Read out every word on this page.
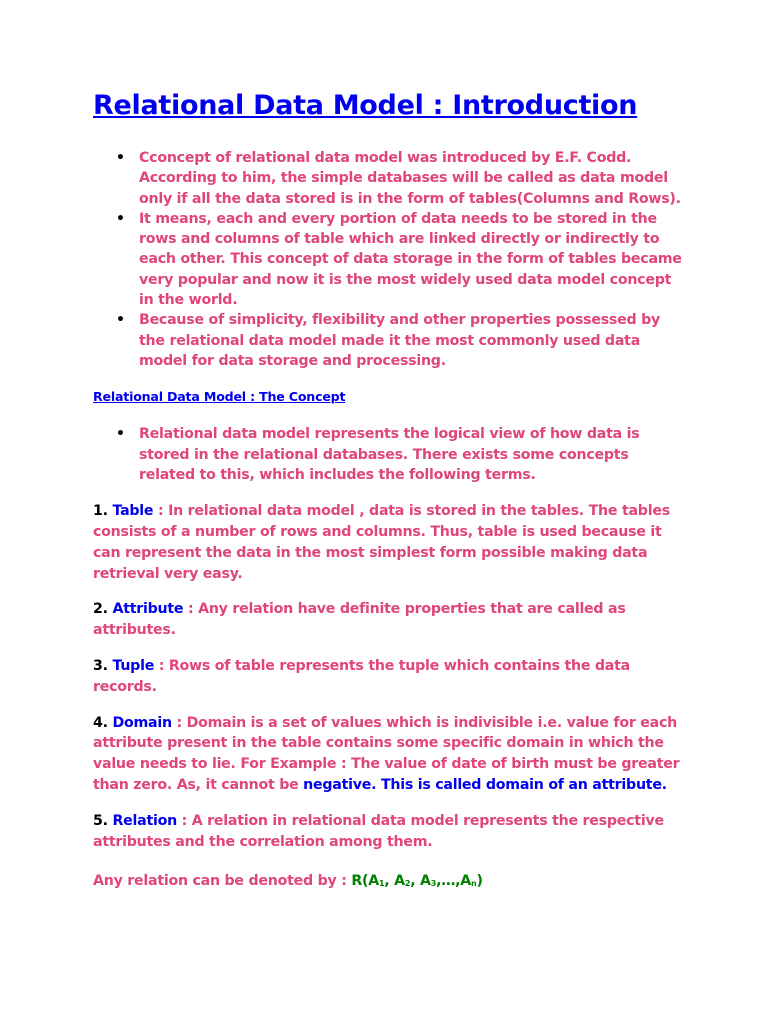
Relational Data Model : Introduction
• Cconcept of relational data model was introduced by E.F. Codd. According to him, the simple databases will be called as data model only if all the data stored is in the form of tables(Columns and Rows).
• It means, each and every portion of data needs to be stored in the rows and columns of table which are linked directly or indirectly to each other. This concept of data storage in the form of tables became very popular and now it is the most widely used data model concept in the world.
• Because of simplicity, flexibility and other properties possessed by the relational data model made it the most commonly used data model for data storage and processing.
Relational Data Model : The Concept
• Relational data model represents the logical view of how data is stored in the relational databases. There exists some concepts related to this, which includes the following terms.

1. Table : In relational data model , data is stored in the tables. The tables consists of a number of rows and columns. Thus, table is used because it can represent the data in the most simplest form possible making data retrieval very easy.

2. Attribute : Any relation have definite properties that are called as attributes.

3. Tuple : Rows of table represents the tuple which contains the data records.

4. Domain : Domain is a set of values which is indivisible i.e. value for each attribute present in the table contains some specific domain in which the value needs to lie. For Example : The value of date of birth must be greater than zero. As, it cannot be negative. This is called domain of an attribute.

5. Relation : A relation in relational data model represents the respective attributes and the correlation among them.

Any relation can be denoted by : $R(A_1$, $A_2$, $A_3,\dots,A_n$)
